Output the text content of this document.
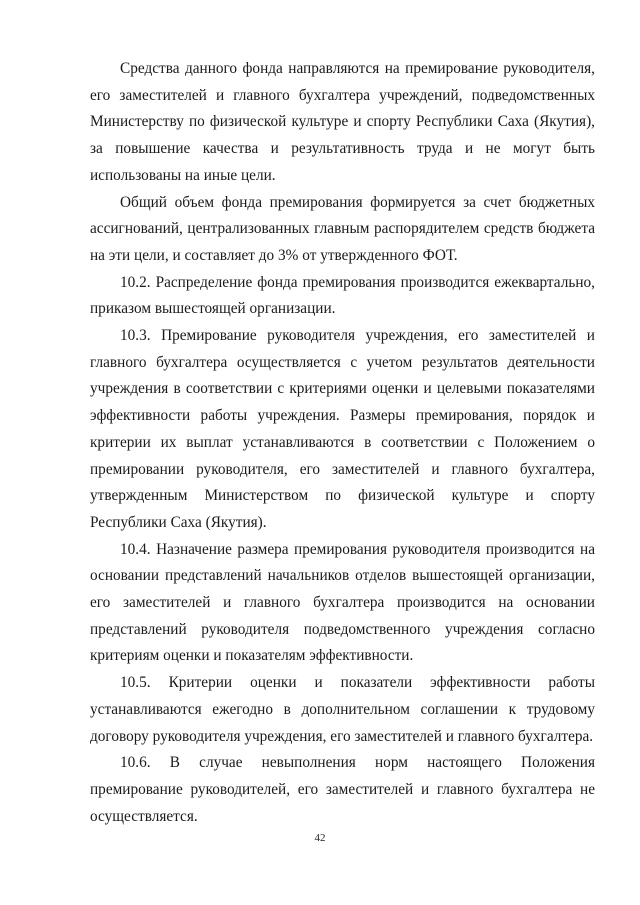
Средства данного фонда направляются на премирование руководителя, его заместителей и главного бухгалтера учреждений, подведомственных Министерству по физической культуре и спорту Республики Саха (Якутия), за повышение качества и результативность труда и не могут быть использованы на иные цели.

Общий объем фонда премирования формируется за счет бюджетных ассигнований, централизованных главным распорядителем средств бюджета на эти цели, и составляет до 3% от утвержденного ФОТ.

10.2. Распределение фонда премирования производится ежеквартально, приказом вышестоящей организации.

10.3. Премирование руководителя учреждения, его заместителей и главного бухгалтера осуществляется с учетом результатов деятельности учреждения в соответствии с критериями оценки и целевыми показателями эффективности работы учреждения. Размеры премирования, порядок и критерии их выплат устанавливаются в соответствии с Положением о премировании руководителя, его заместителей и главного бухгалтера, утвержденным Министерством по физической культуре и спорту Республики Саха (Якутия).

10.4. Назначение размера премирования руководителя производится на основании представлений начальников отделов вышестоящей организации, его заместителей и главного бухгалтера производится на основании представлений руководителя подведомственного учреждения согласно критериям оценки и показателям эффективности.

10.5. Критерии оценки и показатели эффективности работы устанавливаются ежегодно в дополнительном соглашении к трудовому договору руководителя учреждения, его заместителей и главного бухгалтера.

10.6. В случае невыполнения норм настоящего Положения премирование руководителей, его заместителей и главного бухгалтера не осуществляется.

42
